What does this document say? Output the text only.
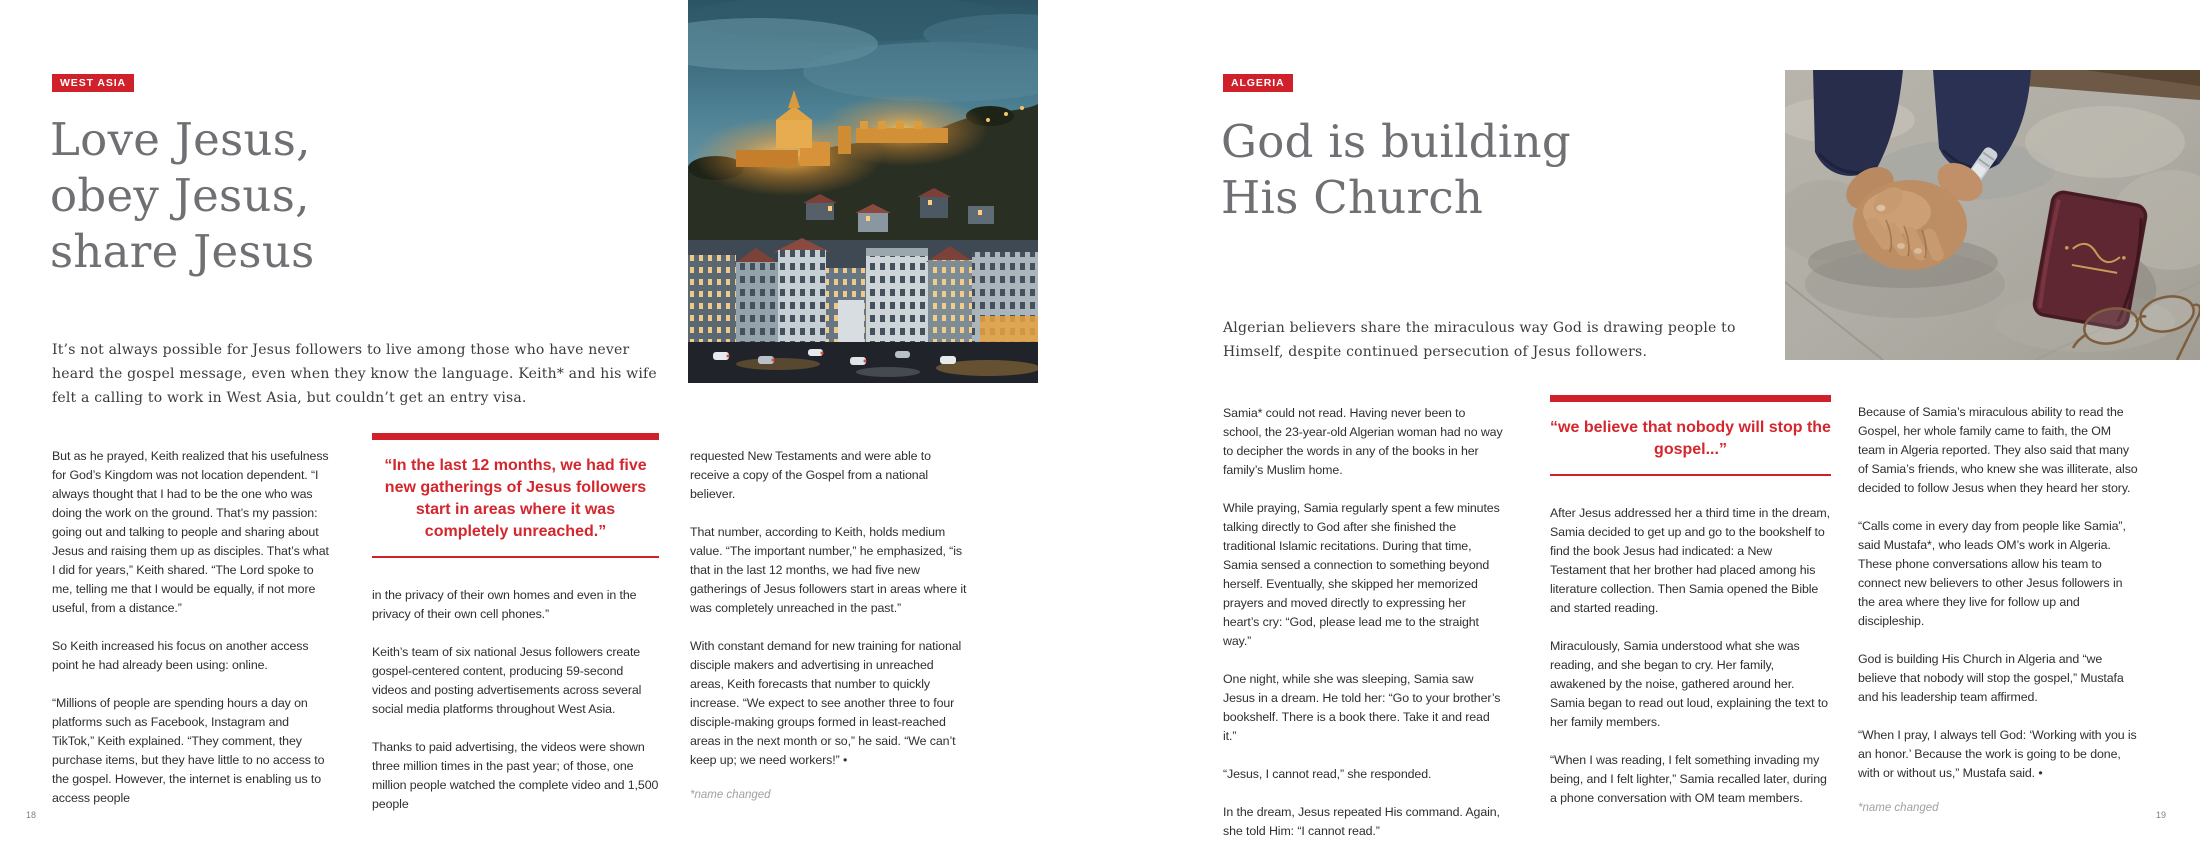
WEST ASIA
Love Jesus,
obey Jesus,
share Jesus

It’s not always possible for Jesus followers to live among those who have never heard the gospel message, even when they know the language. Keith* and his wife felt a calling to work in West Asia, but couldn’t get an entry visa.

But as he prayed, Keith realized that his usefulness for God’s Kingdom was not location dependent. “I always thought that I had to be the one who was doing the work on the ground. That’s my passion: going out and talking to people and sharing about Jesus and raising them up as disciples. That’s what I did for years,” Keith shared. “The Lord spoke to me, telling me that I would be equally, if not more useful, from a distance.”

So Keith increased his focus on another access point he had already been using: online.

“Millions of people are spending hours a day on platforms such as Facebook, Instagram and TikTok,” Keith explained. “They comment, they purchase items, but they have little to no access to the gospel. However, the internet is enabling us to access people

“In the last 12 months, we had five new gatherings of Jesus followers start in areas where it was completely unreached.”

in the privacy of their own homes and even in the privacy of their own cell phones.”

Keith’s team of six national Jesus followers create gospel-centered content, producing 59-second videos and posting advertisements across several social media platforms throughout West Asia.

Thanks to paid advertising, the videos were shown three million times in the past year; of those, one million people watched the complete video and 1,500 people

requested New Testaments and were able to receive a copy of the Gospel from a national believer.

That number, according to Keith, holds medium value. “The important number,” he emphasized, “is that in the last 12 months, we had five new gatherings of Jesus followers start in areas where it was completely unreached in the past.”

With constant demand for new training for national disciple makers and advertising in unreached areas, Keith forecasts that number to quickly increase. “We expect to see another three to four disciple-making groups formed in least-reached areas in the next month or so,” he said. “We can’t keep up; we need workers!” •

*name changed
18
ALGERIA
God is building
His Church

Algerian believers share the miraculous way God is drawing people to Himself, despite continued persecution of Jesus followers.

Samia* could not read. Having never been to school, the 23-year-old Algerian woman had no way to decipher the words in any of the books in her family’s Muslim home.

While praying, Samia regularly spent a few minutes talking directly to God after she finished the traditional Islamic recitations. During that time, Samia sensed a connection to something beyond herself. Eventually, she skipped her memorized prayers and moved directly to expressing her heart’s cry: “God, please lead me to the straight way.”

One night, while she was sleeping, Samia saw Jesus in a dream. He told her: “Go to your brother’s bookshelf. There is a book there. Take it and read it.”

“Jesus, I cannot read,” she responded.

In the dream, Jesus repeated His command. Again, she told Him: “I cannot read.”

“we believe that nobody will stop the gospel...”

After Jesus addressed her a third time in the dream, Samia decided to get up and go to the bookshelf to find the book Jesus had indicated: a New Testament that her brother had placed among his literature collection. Then Samia opened the Bible and started reading.

Miraculously, Samia understood what she was reading, and she began to cry. Her family, awakened by the noise, gathered around her. Samia began to read out loud, explaining the text to her family members.

“When I was reading, I felt something invading my being, and I felt lighter,” Samia recalled later, during a phone conversation with OM team members.

Because of Samia’s miraculous ability to read the Gospel, her whole family came to faith, the OM team in Algeria reported. They also said that many of Samia’s friends, who knew she was illiterate, also decided to follow Jesus when they heard her story.

“Calls come in every day from people like Samia”, said Mustafa*, who leads OM’s work in Algeria. These phone conversations allow his team to connect new believers to other Jesus followers in the area where they live for follow up and discipleship.

God is building His Church in Algeria and “we believe that nobody will stop the gospel,” Mustafa and his leadership team affirmed.

“When I pray, I always tell God: ‘Working with you is an honor.’ Because the work is going to be done, with or without us,” Mustafa said. •

*name changed
19
